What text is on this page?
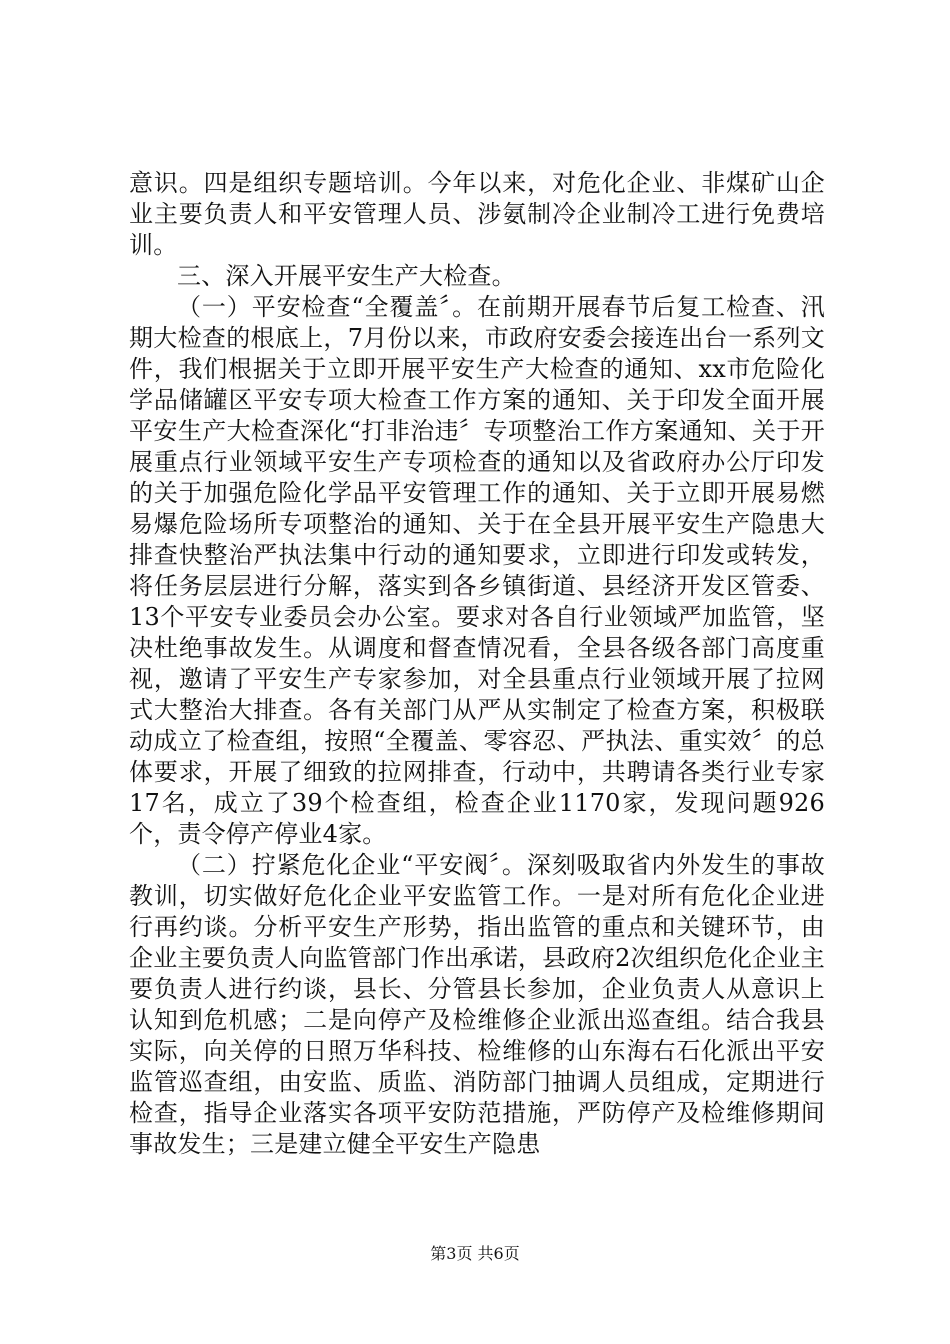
意识。四是组织专题培训。今年以来，对危化企业、非煤矿山企业主要负责人和平安管理人员、涉氨制冷企业制冷工进行免费培训。

三、深入开展平安生产大检查。

（一）平安检查“全覆盖〞。在前期开展春节后复工检查、汛期大检查的根底上，7月份以来，市政府安委会接连出台一系列文件，我们根据关于立即开展平安生产大检查的通知、xx市危险化学品储罐区平安专项大检查工作方案的通知、关于印发全面开展平安生产大检查深化“打非治违〞专项整治工作方案通知、关于开展重点行业领域平安生产专项检查的通知以及省政府办公厅印发的关于加强危险化学品平安管理工作的通知、关于立即开展易燃易爆危险场所专项整治的通知、关于在全县开展平安生产隐患大排查快整治严执法集中行动的通知要求，立即进行印发或转发，将任务层层进行分解，落实到各乡镇街道、县经济开发区管委、13个平安专业委员会办公室。要求对各自行业领域严加监管，坚决杜绝事故发生。从调度和督查情况看，全县各级各部门高度重视，邀请了平安生产专家参加，对全县重点行业领域开展了拉网式大整治大排查。各有关部门从严从实制定了检查方案，积极联动成立了检查组，按照“全覆盖、零容忍、严执法、重实效〞的总体要求，开展了细致的拉网排查，行动中，共聘请各类行业专家17名，成立了39个检查组，检查企业1170家，发现问题926个，责令停产停业4家。

（二）拧紧危化企业“平安阀〞。深刻吸取省内外发生的事故教训，切实做好危化企业平安监管工作。一是对所有危化企业进行再约谈。分析平安生产形势，指出监管的重点和关键环节，由企业主要负责人向监管部门作出承诺，县政府2次组织危化企业主要负责人进行约谈，县长、分管县长参加，企业负责人从意识上认知到危机感；二是向停产及检维修企业派出巡查组。结合我县实际，向关停的日照万华科技、检维修的山东海右石化派出平安监管巡查组，由安监、质监、消防部门抽调人员组成，定期进行检查，指导企业落实各项平安防范措施，严防停产及检维修期间事故发生；三是建立健全平安生产隐患

第3页 共6页
